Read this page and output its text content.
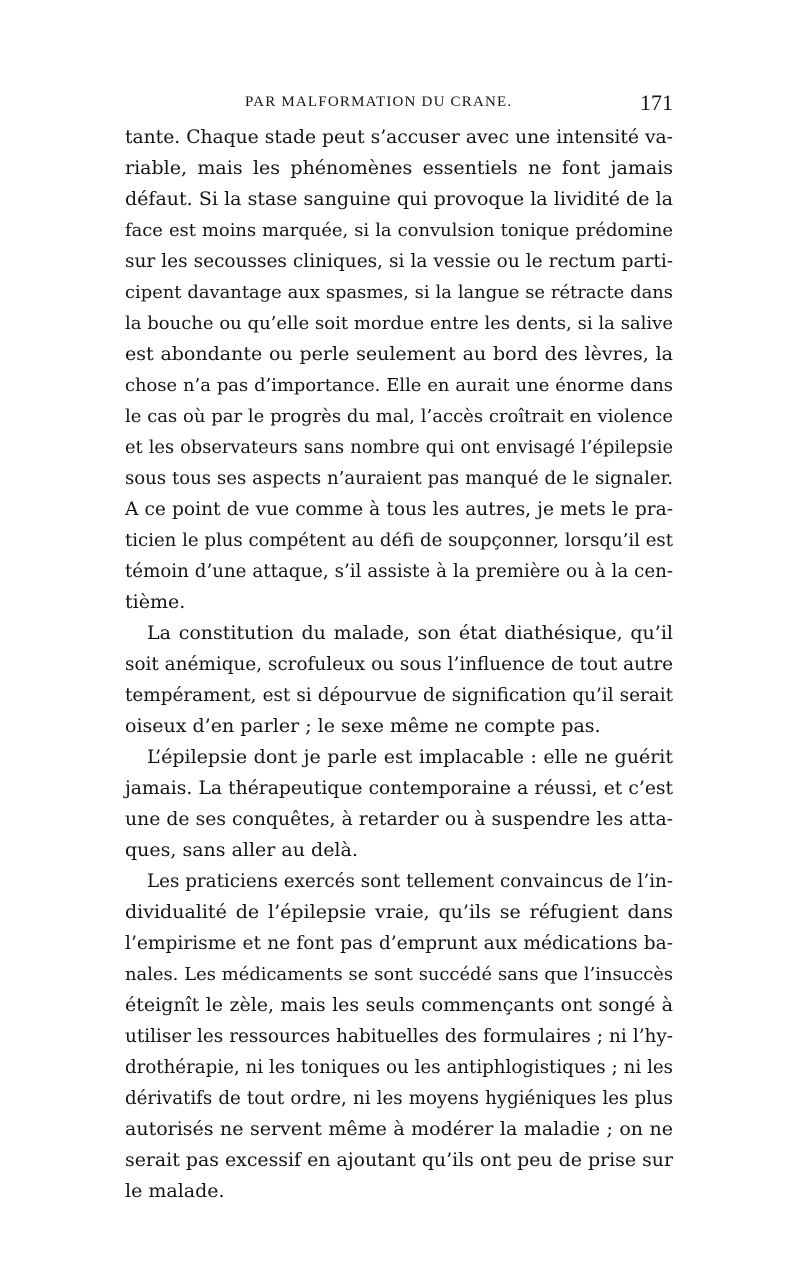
PAR MALFORMATION DU CRANE.	171
tante. Chaque stade peut s’accuser avec une intensité va-
riable, mais les phénomènes essentiels ne font jamais
défaut. Si la stase sanguine qui provoque la lividité de la
face est moins marquée, si la convulsion tonique prédomine
sur les secousses cliniques, si la vessie ou le rectum parti-
cipent davantage aux spasmes, si la langue se rétracte dans
la bouche ou qu’elle soit mordue entre les dents, si la salive
est abondante ou perle seulement au bord des lèvres, la
chose n’a pas d’importance. Elle en aurait une énorme dans
le cas où par le progrès du mal, l’accès croîtrait en violence
et les observateurs sans nombre qui ont envisagé l’épilepsie
sous tous ses aspects n’auraient pas manqué de le signaler.
A ce point de vue comme à tous les autres, je mets le pra-
ticien le plus compétent au défi de soupçonner, lorsqu’il est
témoin d’une attaque, s’il assiste à la première ou à la cen-
tième.
La constitution du malade, son état diathésique, qu’il
soit anémique, scrofuleux ou sous l’influence de tout autre
tempérament, est si dépourvue de signification qu’il serait
oiseux d’en parler ; le sexe même ne compte pas.
L’épilepsie dont je parle est implacable : elle ne guérit
jamais. La thérapeutique contemporaine a réussi, et c’est
une de ses conquêtes, à retarder ou à suspendre les atta-
ques, sans aller au delà.
Les praticiens exercés sont tellement convaincus de l’in-
dividualité de l’épilepsie vraie, qu’ils se réfugient dans
l’empirisme et ne font pas d’emprunt aux médications ba-
nales. Les médicaments se sont succédé sans que l’insuccès
éteignît le zèle, mais les seuls commençants ont songé à
utiliser les ressources habituelles des formulaires ; ni l’hy-
drothérapie, ni les toniques ou les antiphlogistiques ; ni les
dérivatifs de tout ordre, ni les moyens hygiéniques les plus
autorisés ne servent même à modérer la maladie ; on ne
serait pas excessif en ajoutant qu’ils ont peu de prise sur
le malade.
